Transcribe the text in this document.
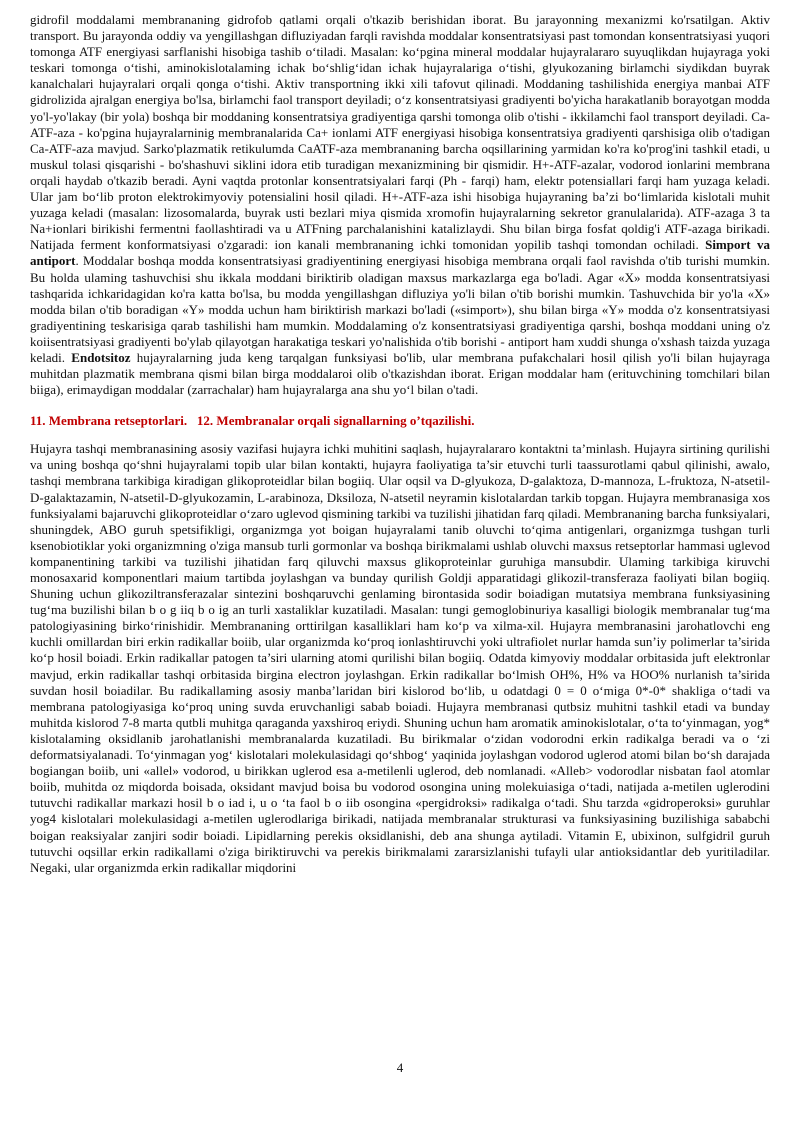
gidrofil moddalami membrananing gidrofob qatlami orqali o'tkazib berishidan iborat. Bu jarayonning mexanizmi ko'rsatilgan. Aktiv transport. Bu jarayonda oddiy va yengillashgan difluziyadan farqli ravishda moddalar konsentratsiyasi past tomondan konsentratsiyasi yuqori tomonga ATF energiyasi sarflanishi hisobiga tashib o‘tiladi. Masalan: ko‘pgina mineral moddalar hujayralararo suyuqlikdan hujayraga yoki teskari tomonga o‘tishi, aminokislotalaming ichak bo‘shlig‘idan ichak hujayralariga o‘tishi, glyukozaning birlamchi siydikdan buyrak kanalchalari hujayralari orqali qonga o‘tishi. Aktiv transportning ikki xili tafovut qilinadi. Moddaning tashilishida energiya manbai ATF gidrolizida ajralgan energiya bo'lsa, birlamchi faol transport deyiladi; o‘z konsentratsiyasi gradiyenti bo'yicha harakatlanib borayotgan modda yo'l-yo'lakay (bir yola) boshqa bir moddaning konsentratsiya gradiyentiga qarshi tomonga olib o'tishi - ikkilamchi faol transport deyiladi. Ca-ATF-aza - ko'pgina hujayralarninig membranalarida Ca+ ionlami ATF energiyasi hisobiga konsentratsiya gradiyenti qarshisiga olib o'tadigan Ca-ATF-aza mavjud. Sarko'plazmatik retikulumda CaATF-aza membrananing barcha oqsillarining yarmidan ko'ra ko'prog'ini tashkil etadi, u muskul tolasi qisqarishi - bo'shashuvi siklini idora etib turadigan mexanizmining bir qismidir. H+-ATF-azalar, vodorod ionlarini membrana orqali haydab o'tkazib beradi. Ayni vaqtda protonlar konsentratsiyalari farqi (Ph - farqi) ham, elektr potensiallari farqi ham yuzaga keladi. Ular jam bo‘lib proton elektrokimyoviy potensialini hosil qiladi. H+-ATF-aza ishi hisobiga hujayraning ba’zi bo‘limlarida kislotali muhit yuzaga keladi (masalan: lizosomalarda, buyrak usti bezlari miya qismida xromofin hujayralarning sekretor granulalarida). ATF-azaga 3 ta Na+ionlari birikishi fermentni faollashtiradi va u ATFning parchalanishini katalizlaydi. Shu bilan birga fosfat qoldig'i ATF-azaga birikadi. Natijada ferment konformatsiyasi o'zgaradi: ion kanali membrananing ichki tomonidan yopilib tashqi tomondan ochiladi. Simport va antiport. Moddalar boshqa modda konsentratsiyasi gradiyentining energiyasi hisobiga membrana orqali faol ravishda o'tib turishi mumkin. Bu holda ulaming tashuvchisi shu ikkala moddani biriktirib oladigan maxsus markazlarga ega bo'ladi. Agar «X» modda konsentratsiyasi tashqarida ichkaridagidan ko'ra katta bo'lsa, bu modda yengillashgan difluziya yo'li bilan o'tib borishi mumkin. Tashuvchida bir yo'la «X» modda bilan o'tib boradigan «Y» modda uchun ham biriktirish markazi bo'ladi («simport»), shu bilan birga «Y» modda o'z konsentratsiyasi gradiyentining teskarisiga qarab tashilishi ham mumkin. Moddalaming o'z konsentratsiyasi gradiyentiga qarshi, boshqa moddani uning o'z koiisentratsiyasi gradiyenti bo'ylab qilayotgan harakatiga teskari yo'nalishida o'tib borishi - antiport ham xuddi shunga o'xshash taizda yuzaga keladi. Endotsitoz hujayralarning juda keng tarqalgan funksiyasi bo'lib, ular membrana pufakchalari hosil qilish yo'li bilan hujayraga muhitdan plazmatik membrana qismi bilan birga moddalaroi olib o'tkazishdan iborat. Erigan moddalar ham (erituvchining tomchilari bilan biiga), erimaydigan moddalar (zarrachalar) ham hujayralarga ana shu yo‘l bilan o'tadi.

11. Membrana retseptorlari. 12. Membranalar orqali signallarning o’tqazilishi.

Hujayra tashqi membranasining asosiy vazifasi hujayra ichki muhitini saqlash, hujayralararo kontaktni ta’minlash. Hujayra sirtining qurilishi va uning boshqa qo‘shni hujayralami topib ular bilan kontakti, hujayra faoliyatiga ta’sir etuvchi turli taassurotlami qabul qilinishi, awalo, tashqi membrana tarkibiga kiradigan glikoproteidlar bilan bogiiq. Ular oqsil va D-glyukoza, D-galaktoza, D-mannoza, L-fruktoza, N-atsetil-D-galaktazamin, N-atsetil-D-glyukozamin, L-arabinoza, Dksiloza, N-atsetil neyramin kislotalardan tarkib topgan. Hujayra membranasiga xos funksiyalami bajaruvchi glikoproteidlar o‘zaro uglevod qismining tarkibi va tuzilishi jihatidan farq qiladi. Membrananing barcha funksiyalari, shuningdek, ABO guruh spetsifikligi, organizmga yot boigan hujayralami tanib oluvchi to‘qima antigenlari, organizmga tushgan turli ksenobiotiklar yoki organizmning o'ziga mansub turli gormonlar va boshqa birikmalami ushlab oluvchi maxsus retseptorlar hammasi uglevod kompanentining tarkibi va tuzilishi jihatidan farq qiluvchi maxsus glikoproteinlar guruhiga mansubdir. Ulaming tarkibiga kiruvchi monosaxarid komponentlari maium tartibda joylashgan va bunday qurilish Goldji apparatidagi glikozil-transferaza faoliyati bilan bogiiq. Shuning uchun glikoziltransferazalar sintezini boshqaruvchi genlaming birontasida sodir boiadigan mutatsiya membrana funksiyasining tug‘ma buzilishi bilan b o g iiq b o ig an turli xastaliklar kuzatiladi. Masalan: tungi gemoglobinuriya kasalligi biologik membranalar tug‘ma patologiyasining birko‘rinishidir. Membrananing orttirilgan kasalliklari ham ko‘p va xilma-xil. Hujayra membranasini jarohatlovchi eng kuchli omillardan biri erkin radikallar boiib, ular organizmda ko‘proq ionlashtiruvchi yoki ultrafiolet nurlar hamda sun’iy polimerlar ta’sirida ko‘p hosil boiadi. Erkin radikallar patogen ta’siri ularning atomi qurilishi bilan bogiiq. Odatda kimyoviy moddalar orbitasida juft elektronlar mavjud, erkin radikallar tashqi orbitasida birgina electron joylashgan. Erkin radikallar bo‘lmish OH%, H% va HOO% nurlanish ta’sirida suvdan hosil boiadilar. Bu radikallaming asosiy manba’laridan biri kislorod bo‘lib, u odatdagi 0 = 0 o‘miga 0*-0* shakliga o‘tadi va membrana patologiyasiga ko‘proq uning suvda eruvchanligi sabab boiadi. Hujayra membranasi qutbsiz muhitni tashkil etadi va bunday muhitda kislorod 7-8 marta qutbli muhitga qaraganda yaxshiroq eriydi. Shuning uchun ham aromatik aminokislotalar, o‘ta to‘yinmagan, yog* kislotalaming oksidlanib jarohatlanishi membranalarda kuzatiladi. Bu birikmalar o‘zidan vodorodni erkin radikalga beradi va o ‘zi deformatsiyalanadi. To‘yinmagan yog‘ kislotalari molekulasidagi qo‘shbog‘ yaqinida joylashgan vodorod uglerod atomi bilan bo‘sh darajada bogiangan boiib, uni «allel» vodorod, u birikkan uglerod esa a-metilenli uglerod, deb nomlanadi. «Alleb> vodorodlar nisbatan faol atomlar boiib, muhitda oz miqdorda boisada, oksidant mavjud boisa bu vodorod osongina uning molekuiasiga o‘tadi, natijada a-metilen uglerodini tutuvchi radikallar markazi hosil b o iad i, u o ‘ta faol b o iib osongina «pergidroksi» radikalga o‘tadi. Shu tarzda «gidroperoksi» guruhlar yog4 kislotalari molekulasidagi a-metilen uglerodlariga birikadi, natijada membranalar strukturasi va funksiyasining buzilishiga sababchi boigan reaksiyalar zanjiri sodir boiadi. Lipidlarning perekis oksidlanishi, deb ana shunga aytiladi. Vitamin E, ubixinon, sulfgidril guruh tutuvchi oqsillar erkin radikallami o'ziga biriktiruvchi va perekis birikmalami zararsizlanishi tufayli ular antioksidantlar deb yuritiladilar. Negaki, ular organizmda erkin radikallar miqdorini

4
